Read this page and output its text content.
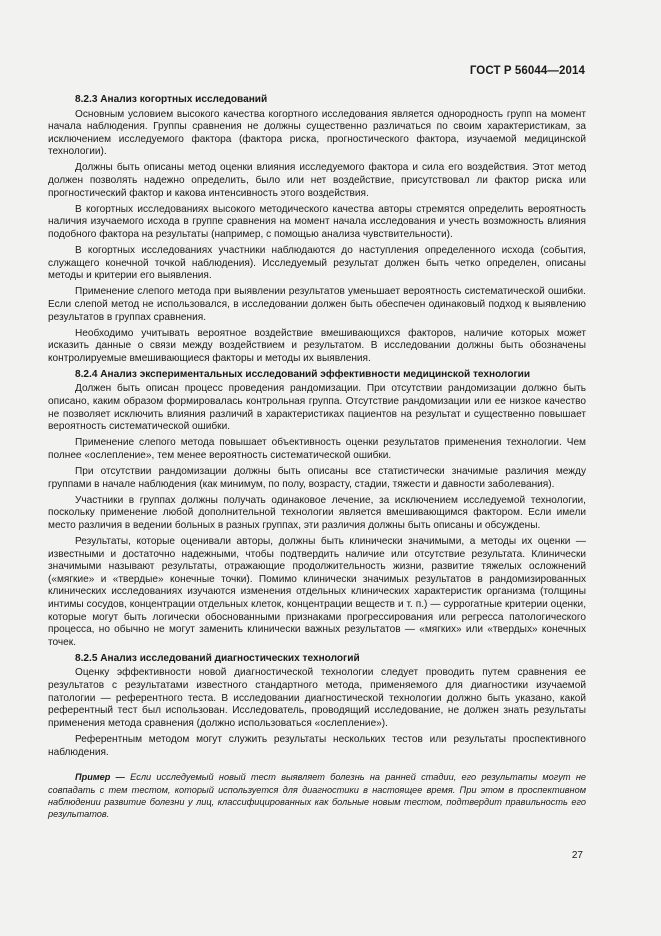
ГОСТ Р 56044—2014

8.2.3 Анализ когортных исследований

Основным условием высокого качества когортного исследования является однородность групп на момент начала наблюдения. Группы сравнения не должны существенно различаться по своим характеристикам, за исключением исследуемого фактора (фактора риска, прогностического фактора, изучаемой медицинской технологии).

Должны быть описаны метод оценки влияния исследуемого фактора и сила его воздействия. Этот метод должен позволять надежно определить, было или нет воздействие, присутствовал ли фактор риска или прогностический фактор и какова интенсивность этого воздействия.

В когортных исследованиях высокого методического качества авторы стремятся определить вероятность наличия изучаемого исхода в группе сравнения на момент начала исследования и учесть возможность влияния подобного фактора на результаты (например, с помощью анализа чувствительности).

В когортных исследованиях участники наблюдаются до наступления определенного исхода (события, служащего конечной точкой наблюдения). Исследуемый результат должен быть четко определен, описаны методы и критерии его выявления.

Применение слепого метода при выявлении результатов уменьшает вероятность систематической ошибки. Если слепой метод не использовался, в исследовании должен быть обеспечен одинаковый подход к выявлению результатов в группах сравнения.

Необходимо учитывать вероятное воздействие вмешивающихся факторов, наличие которых может исказить данные о связи между воздействием и результатом. В исследовании должны быть обозначены контролируемые вмешивающиеся факторы и методы их выявления.

8.2.4 Анализ экспериментальных исследований эффективности медицинской технологии

Должен быть описан процесс проведения рандомизации. При отсутствии рандомизации должно быть описано, каким образом формировалась контрольная группа. Отсутствие рандомизации или ее низкое качество не позволяет исключить влияния различий в характеристиках пациентов на результат и существенно повышает вероятность систематической ошибки.

Применение слепого метода повышает объективность оценки результатов применения технологии. Чем полнее «ослепление», тем менее вероятность систематической ошибки.

При отсутствии рандомизации должны быть описаны все статистически значимые различия между группами в начале наблюдения (как минимум, по полу, возрасту, стадии, тяжести и давности заболевания).

Участники в группах должны получать одинаковое лечение, за исключением исследуемой технологии, поскольку применение любой дополнительной технологии является вмешивающимся фактором. Если имели место различия в ведении больных в разных группах, эти различия должны быть описаны и обсуждены.

Результаты, которые оценивали авторы, должны быть клинически значимыми, а методы их оценки — известными и достаточно надежными, чтобы подтвердить наличие или отсутствие результата. Клинически значимыми называют результаты, отражающие продолжительность жизни, развитие тяжелых осложнений («мягкие» и «твердые» конечные точки). Помимо клинически значимых результатов в рандомизированных клинических исследованиях изучаются изменения отдельных клинических характеристик организма (толщины интимы сосудов, концентрации отдельных клеток, концентрации веществ и т. п.) — суррогатные критерии оценки, которые могут быть логически обоснованными признаками прогрессирования или регресса патологического процесса, но обычно не могут заменить клинически важных результатов — «мягких» или «твердых» конечных точек.

8.2.5 Анализ исследований диагностических технологий

Оценку эффективности новой диагностической технологии следует проводить путем сравнения ее результатов с результатами известного стандартного метода, применяемого для диагностики изучаемой патологии — референтного теста. В исследовании диагностической технологии должно быть указано, какой референтный тест был использован. Исследователь, проводящий исследование, не должен знать результаты применения метода сравнения (должно использоваться «ослепление»).

Референтным методом могут служить результаты нескольких тестов или результаты проспективного наблюдения.

Пример — Если исследуемый новый тест выявляет болезнь на ранней стадии, его результаты могут не совпадать с тем тестом, который используется для диагностики в настоящее время. При этом в проспективном наблюдении развитие болезни у лиц, классифицированных как больные новым тестом, подтвердит правильность его результатов.

27
